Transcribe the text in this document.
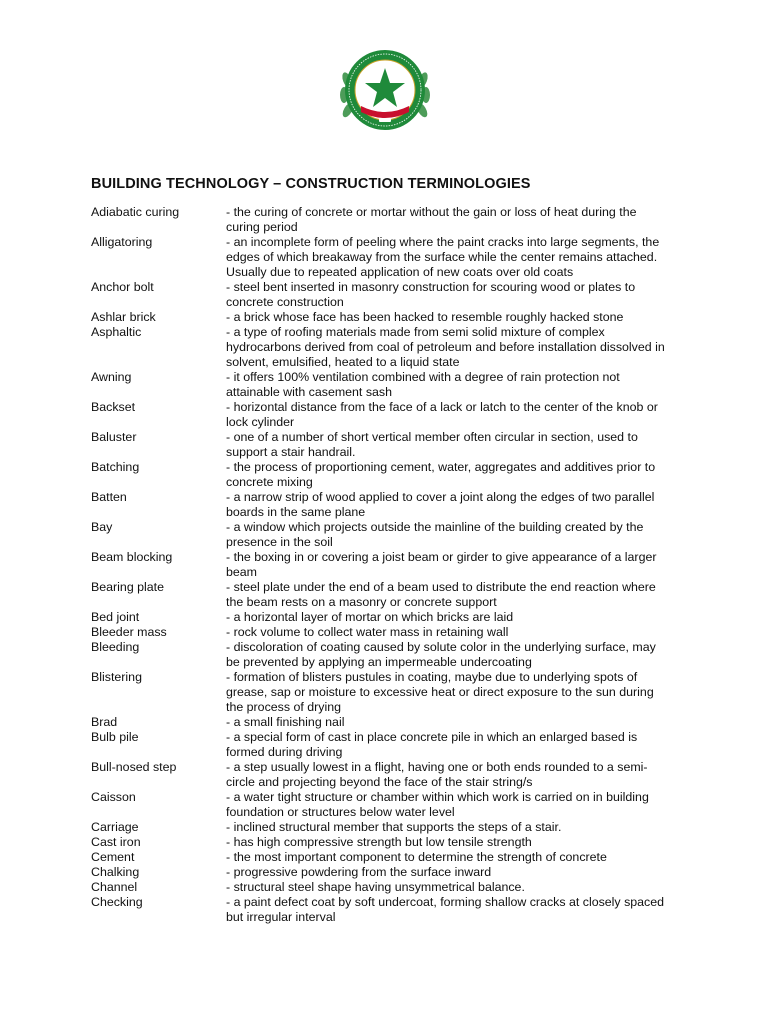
BUILDING TECHNOLOGY – CONSTRUCTION TERMINOLOGIES
Adiabatic curing	- the curing of concrete or mortar without the gain or loss of heat during the curing period
Alligatoring	- an incomplete form of peeling where the paint cracks into large segments, the edges of which breakaway from the surface while the center remains attached. Usually due to repeated application of new coats over old coats
Anchor bolt	- steel bent inserted in masonry construction for scouring wood or plates to concrete construction
Ashlar brick	- a brick whose face has been hacked to resemble roughly hacked stone
Asphaltic	- a type of roofing materials made from semi solid mixture of complex hydrocarbons derived from coal of petroleum and before installation dissolved in solvent, emulsified, heated to a liquid state
Awning	- it offers 100% ventilation combined with a degree of rain protection not attainable with casement sash
Backset	- horizontal distance from the face of a lack or latch to the center of the knob or lock cylinder
Baluster	- one of a number of short vertical member often circular in section, used to support a stair handrail.
Batching	- the process of proportioning cement, water, aggregates and additives prior to concrete mixing
Batten	- a narrow strip of wood applied to cover a joint along the edges of two parallel boards in the same plane
Bay	- a window which projects outside the mainline of the building created by the presence in the soil
Beam blocking	- the boxing in or covering a joist beam or girder to give appearance of a larger beam
Bearing plate	- steel plate under the end of a beam used to distribute the end reaction where the beam rests on a masonry or concrete support
Bed joint	- a horizontal layer of mortar on which bricks are laid
Bleeder mass	- rock volume to collect water mass in retaining wall
Bleeding	- discoloration of coating caused by solute color in the underlying surface, may be prevented by applying an impermeable undercoating
Blistering	- formation of blisters pustules in coating, maybe due to underlying spots of grease, sap or moisture to excessive heat or direct exposure to the sun during the process of drying
Brad	- a small finishing nail
Bulb pile	- a special form of cast in place concrete pile in which an enlarged based is formed during driving
Bull-nosed step	- a step usually lowest in a flight, having one or both ends rounded to a semi-circle and projecting beyond the face of the stair string/s
Caisson	- a water tight structure or chamber within which work is carried on in building foundation or structures below water level
Carriage	- inclined structural member that supports the steps of a stair.
Cast iron	- has high compressive strength but low tensile strength
Cement	- the most important component to determine the strength of concrete
Chalking	- progressive powdering from the surface inward
Channel	- structural steel shape having unsymmetrical balance.
Checking	- a paint defect coat by soft undercoat, forming shallow cracks at closely spaced but irregular interval
